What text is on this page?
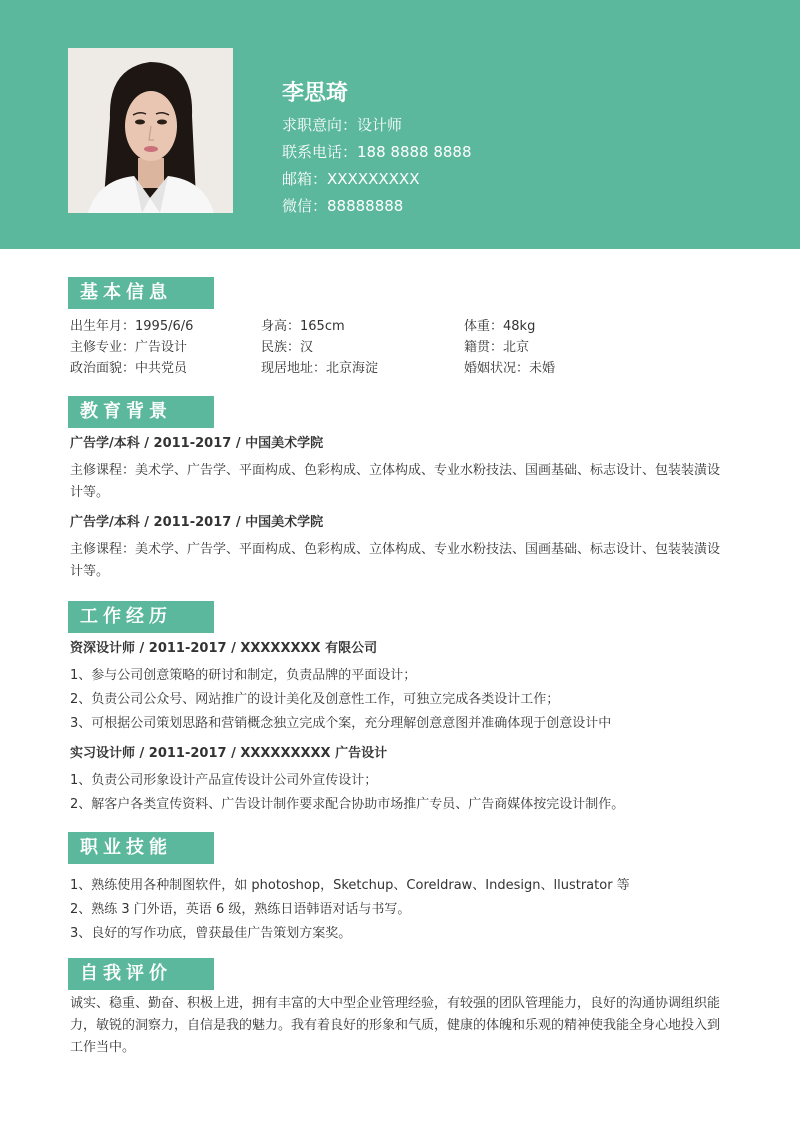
李思琦
求职意向：设计师
联系电话：188 8888 8888
邮箱：XXXXXXXXX
微信：88888888
基本信息
出生年月：1995/6/6	身高：165cm	体重：48kg
主修专业：广告设计	民族：汉	籍贯：北京
政治面貌：中共党员	现居地址：北京海淀	婚姻状况：未婚
教育背景
广告学/本科 / 2011-2017 / 中国美术学院
主修课程：美术学、广告学、平面构成、色彩构成、立体构成、专业水粉技法、国画基础、标志设计、包装装潢设计等。
广告学/本科 / 2011-2017 / 中国美术学院
主修课程：美术学、广告学、平面构成、色彩构成、立体构成、专业水粉技法、国画基础、标志设计、包装装潢设计等。
工作经历
资深设计师 / 2011-2017 / XXXXXXXX 有限公司
1、参与公司创意策略的研讨和制定，负责品牌的平面设计；
2、负责公司公众号、网站推广的设计美化及创意性工作，可独立完成各类设计工作；
3、可根据公司策划思路和营销概念独立完成个案，充分理解创意意图并准确体现于创意设计中
实习设计师 / 2011-2017 / XXXXXXXXX 广告设计
1、负责公司形象设计产品宣传设计公司外宣传设计；
2、解客户各类宣传资料、广告设计制作要求配合协助市场推广专员、广告商媒体按完设计制作。
职业技能
1、熟练使用各种制图软件，如 photoshop，Sketchup、Coreldraw、Indesign、llustrator 等
2、熟练 3 门外语，英语 6 级，熟练日语韩语对话与书写。
3、良好的写作功底，曾获最佳广告策划方案奖。
自我评价
诚实、稳重、勤奋、积极上进，拥有丰富的大中型企业管理经验，有较强的团队管理能力，良好的沟通协调组织能力，敏锐的洞察力，自信是我的魅力。我有着良好的形象和气质，健康的体魄和乐观的精神使我能全身心地投入到工作当中。
